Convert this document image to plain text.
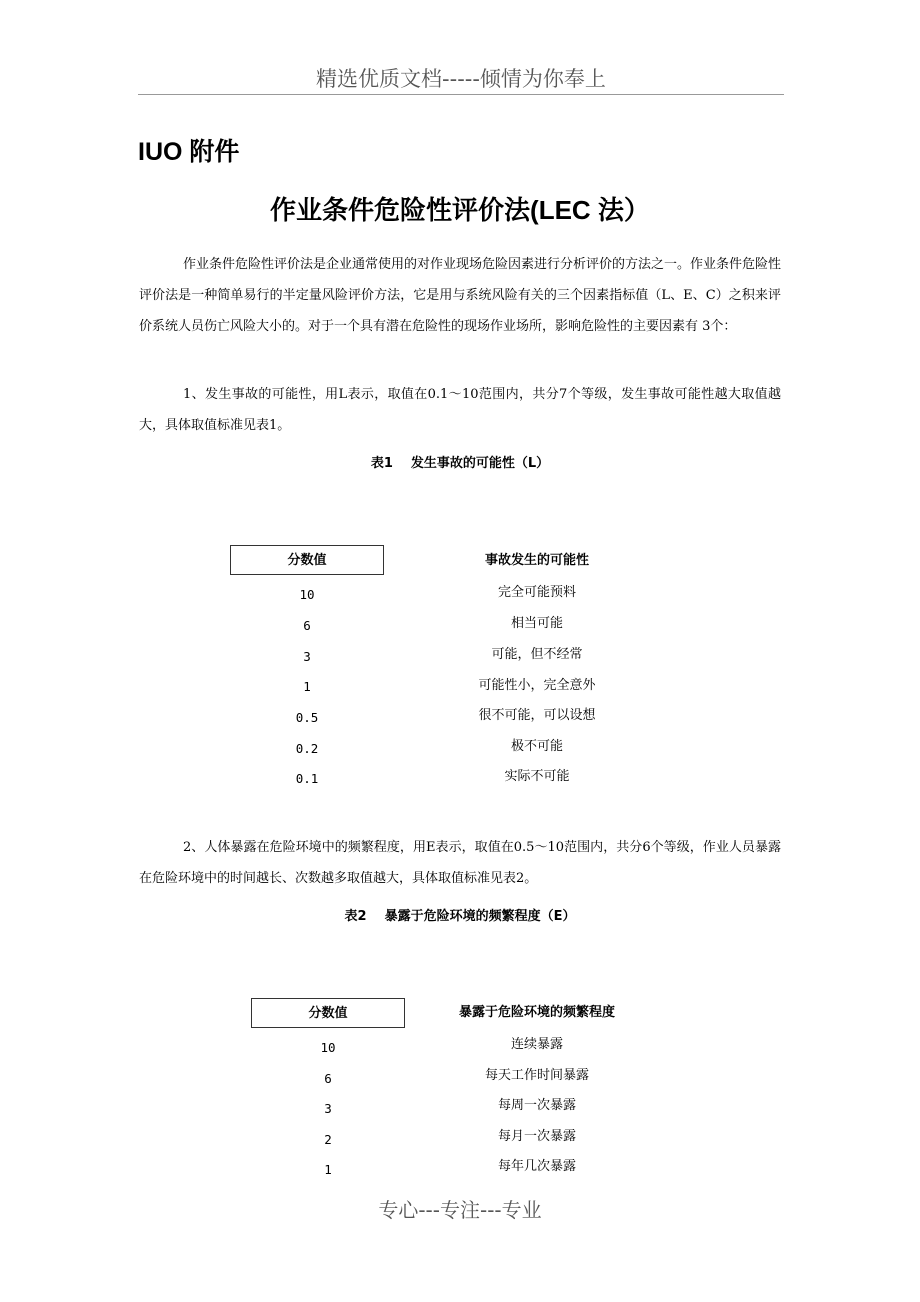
精选优质文档-----倾情为你奉上
IUO 附件
作业条件危险性评价法(LEC 法）

作业条件危险性评价法是企业通常使用的对作业现场危险因素进行分析评价的方法之一。作业条件危险性评价法是一种简单易行的半定量风险评价方法，它是用与系统风险有关的三个因素指标值（L、E、C）之积来评价系统人员伤亡风险大小的。对于一个具有潜在危险性的现场作业场所，影响危险性的主要因素有 3个：

1、发生事故的可能性，用L表示，取值在0.1～10范围内，共分7个等级，发生事故可能性越大取值越大，具体取值标准见表1。

表1 发生事故的可能性（L）
分数值	事故发生的可能性
10	完全可能预料
6	相当可能
3	可能，但不经常
1	可能性小，完全意外
0.5	很不可能，可以设想
0.2	极不可能
0.1	实际不可能

2、人体暴露在危险环境中的频繁程度，用E表示，取值在0.5～10范围内，共分6个等级，作业人员暴露在危险环境中的时间越长、次数越多取值越大，具体取值标准见表2。

表2 暴露于危险环境的频繁程度（E）
分数值	暴露于危险环境的频繁程度
10	连续暴露
6	每天工作时间暴露
3	每周一次暴露
2	每月一次暴露
1	每年几次暴露
专心---专注---专业
